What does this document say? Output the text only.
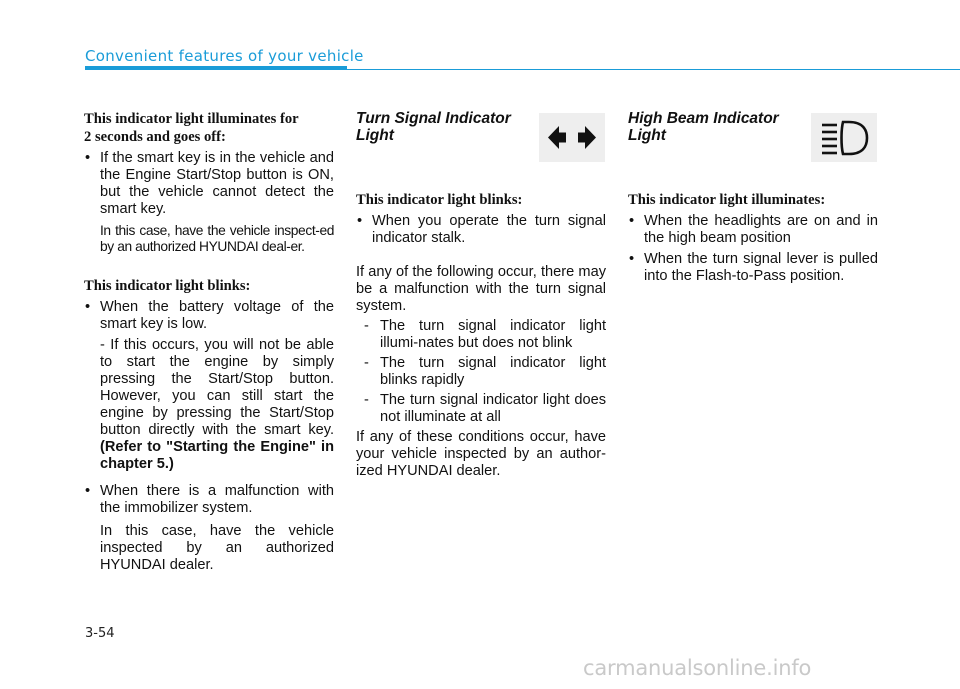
Convenient features of your vehicle

This indicator light illuminates for
2 seconds and goes off:

• If the smart key is in the vehicle and the Engine Start/Stop button is ON, but the vehicle cannot detect the smart key.

In this case, have the vehicle inspect-ed by an authorized HYUNDAI deal-er.

This indicator light blinks:

• When the battery voltage of the smart key is low.

- If this occurs, you will not be able to start the engine by simply pressing the Start/Stop button. However, you can still start the engine by pressing the Start/Stop button directly with the smart key. (Refer to "Starting the Engine" in chapter 5.)

• When there is a malfunction with the immobilizer system.

In this case, have the vehicle inspected by an authorized HYUNDAI dealer.

Turn Signal Indicator
Light

This indicator light blinks:

• When you operate the turn signal indicator stalk.

If any of the following occur, there may be a malfunction with the turn signal system.

- The turn signal indicator light illumi-nates but does not blink

- The turn signal indicator light blinks rapidly

- The turn signal indicator light does not illuminate at all

If any of these conditions occur, have your vehicle inspected by an author-ized HYUNDAI dealer.

High Beam Indicator
Light

This indicator light illuminates:

• When the headlights are on and in the high beam position

• When the turn signal lever is pulled into the Flash-to-Pass position.

3-54
carmanualsonline.info
